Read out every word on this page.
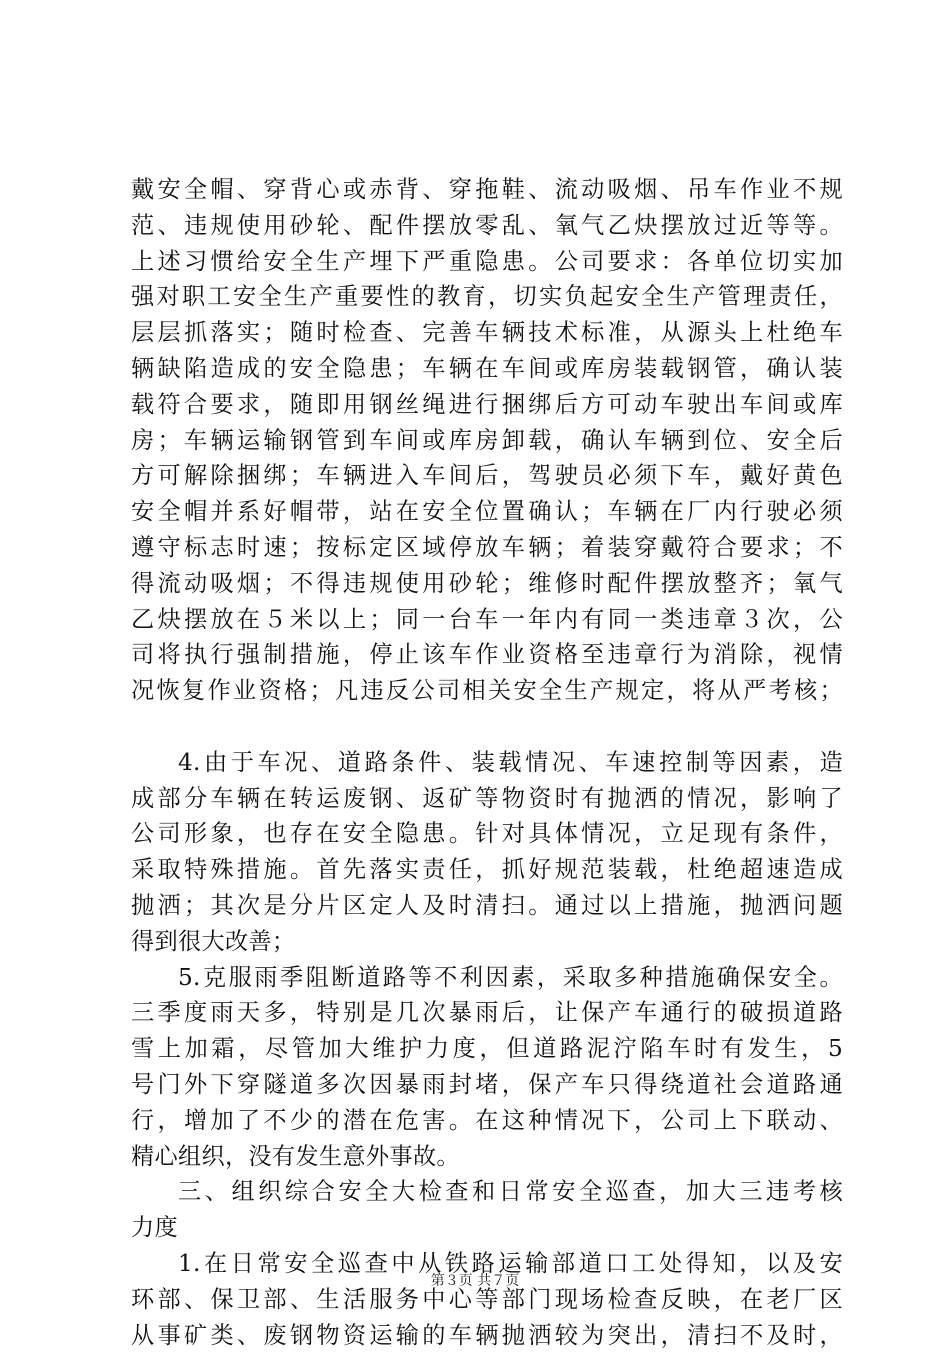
戴安全帽、穿背心或赤背、穿拖鞋、流动吸烟、吊车作业不规
范、违规使用砂轮、配件摆放零乱、氧气乙炔摆放过近等等。
上述习惯给安全生产埋下严重隐患。公司要求：各单位切实加
强对职工安全生产重要性的教育，切实负起安全生产管理责任，
层层抓落实；随时检查、完善车辆技术标准，从源头上杜绝车
辆缺陷造成的安全隐患；车辆在车间或库房装载钢管，确认装
载符合要求，随即用钢丝绳进行捆绑后方可动车驶出车间或库
房；车辆运输钢管到车间或库房卸载，确认车辆到位、安全后
方可解除捆绑；车辆进入车间后，驾驶员必须下车，戴好黄色
安全帽并系好帽带，站在安全位置确认；车辆在厂内行驶必须
遵守标志时速；按标定区域停放车辆；着装穿戴符合要求；不
得流动吸烟；不得违规使用砂轮；维修时配件摆放整齐；氧气
乙炔摆放在５米以上；同一台车一年内有同一类违章３次，公
司将执行强制措施，停止该车作业资格至违章行为消除，视情
况恢复作业资格；凡违反公司相关安全生产规定，将从严考核；
4.由于车况、道路条件、装载情况、车速控制等因素，造
成部分车辆在转运废钢、返矿等物资时有抛洒的情况，影响了
公司形象，也存在安全隐患。针对具体情况，立足现有条件，
采取特殊措施。首先落实责任，抓好规范装载，杜绝超速造成
抛洒；其次是分片区定人及时清扫。通过以上措施，抛洒问题
得到很大改善；
5.克服雨季阻断道路等不利因素，采取多种措施确保安全。
三季度雨天多，特别是几次暴雨后，让保产车通行的破损道路
雪上加霜，尽管加大维护力度，但道路泥泞陷车时有发生，5
号门外下穿隧道多次因暴雨封堵，保产车只得绕道社会道路通
行，增加了不少的潜在危害。在这种情况下，公司上下联动、
精心组织，没有发生意外事故。
三、组织综合安全大检查和日常安全巡查，加大三违考核
力度
1.在日常安全巡查中从铁路运输部道口工处得知，以及安
环部、保卫部、生活服务中心等部门现场检查反映，在老厂区
从事矿类、废钢物资运输的车辆抛洒较为突出，清扫不及时，
第３页 共７页
